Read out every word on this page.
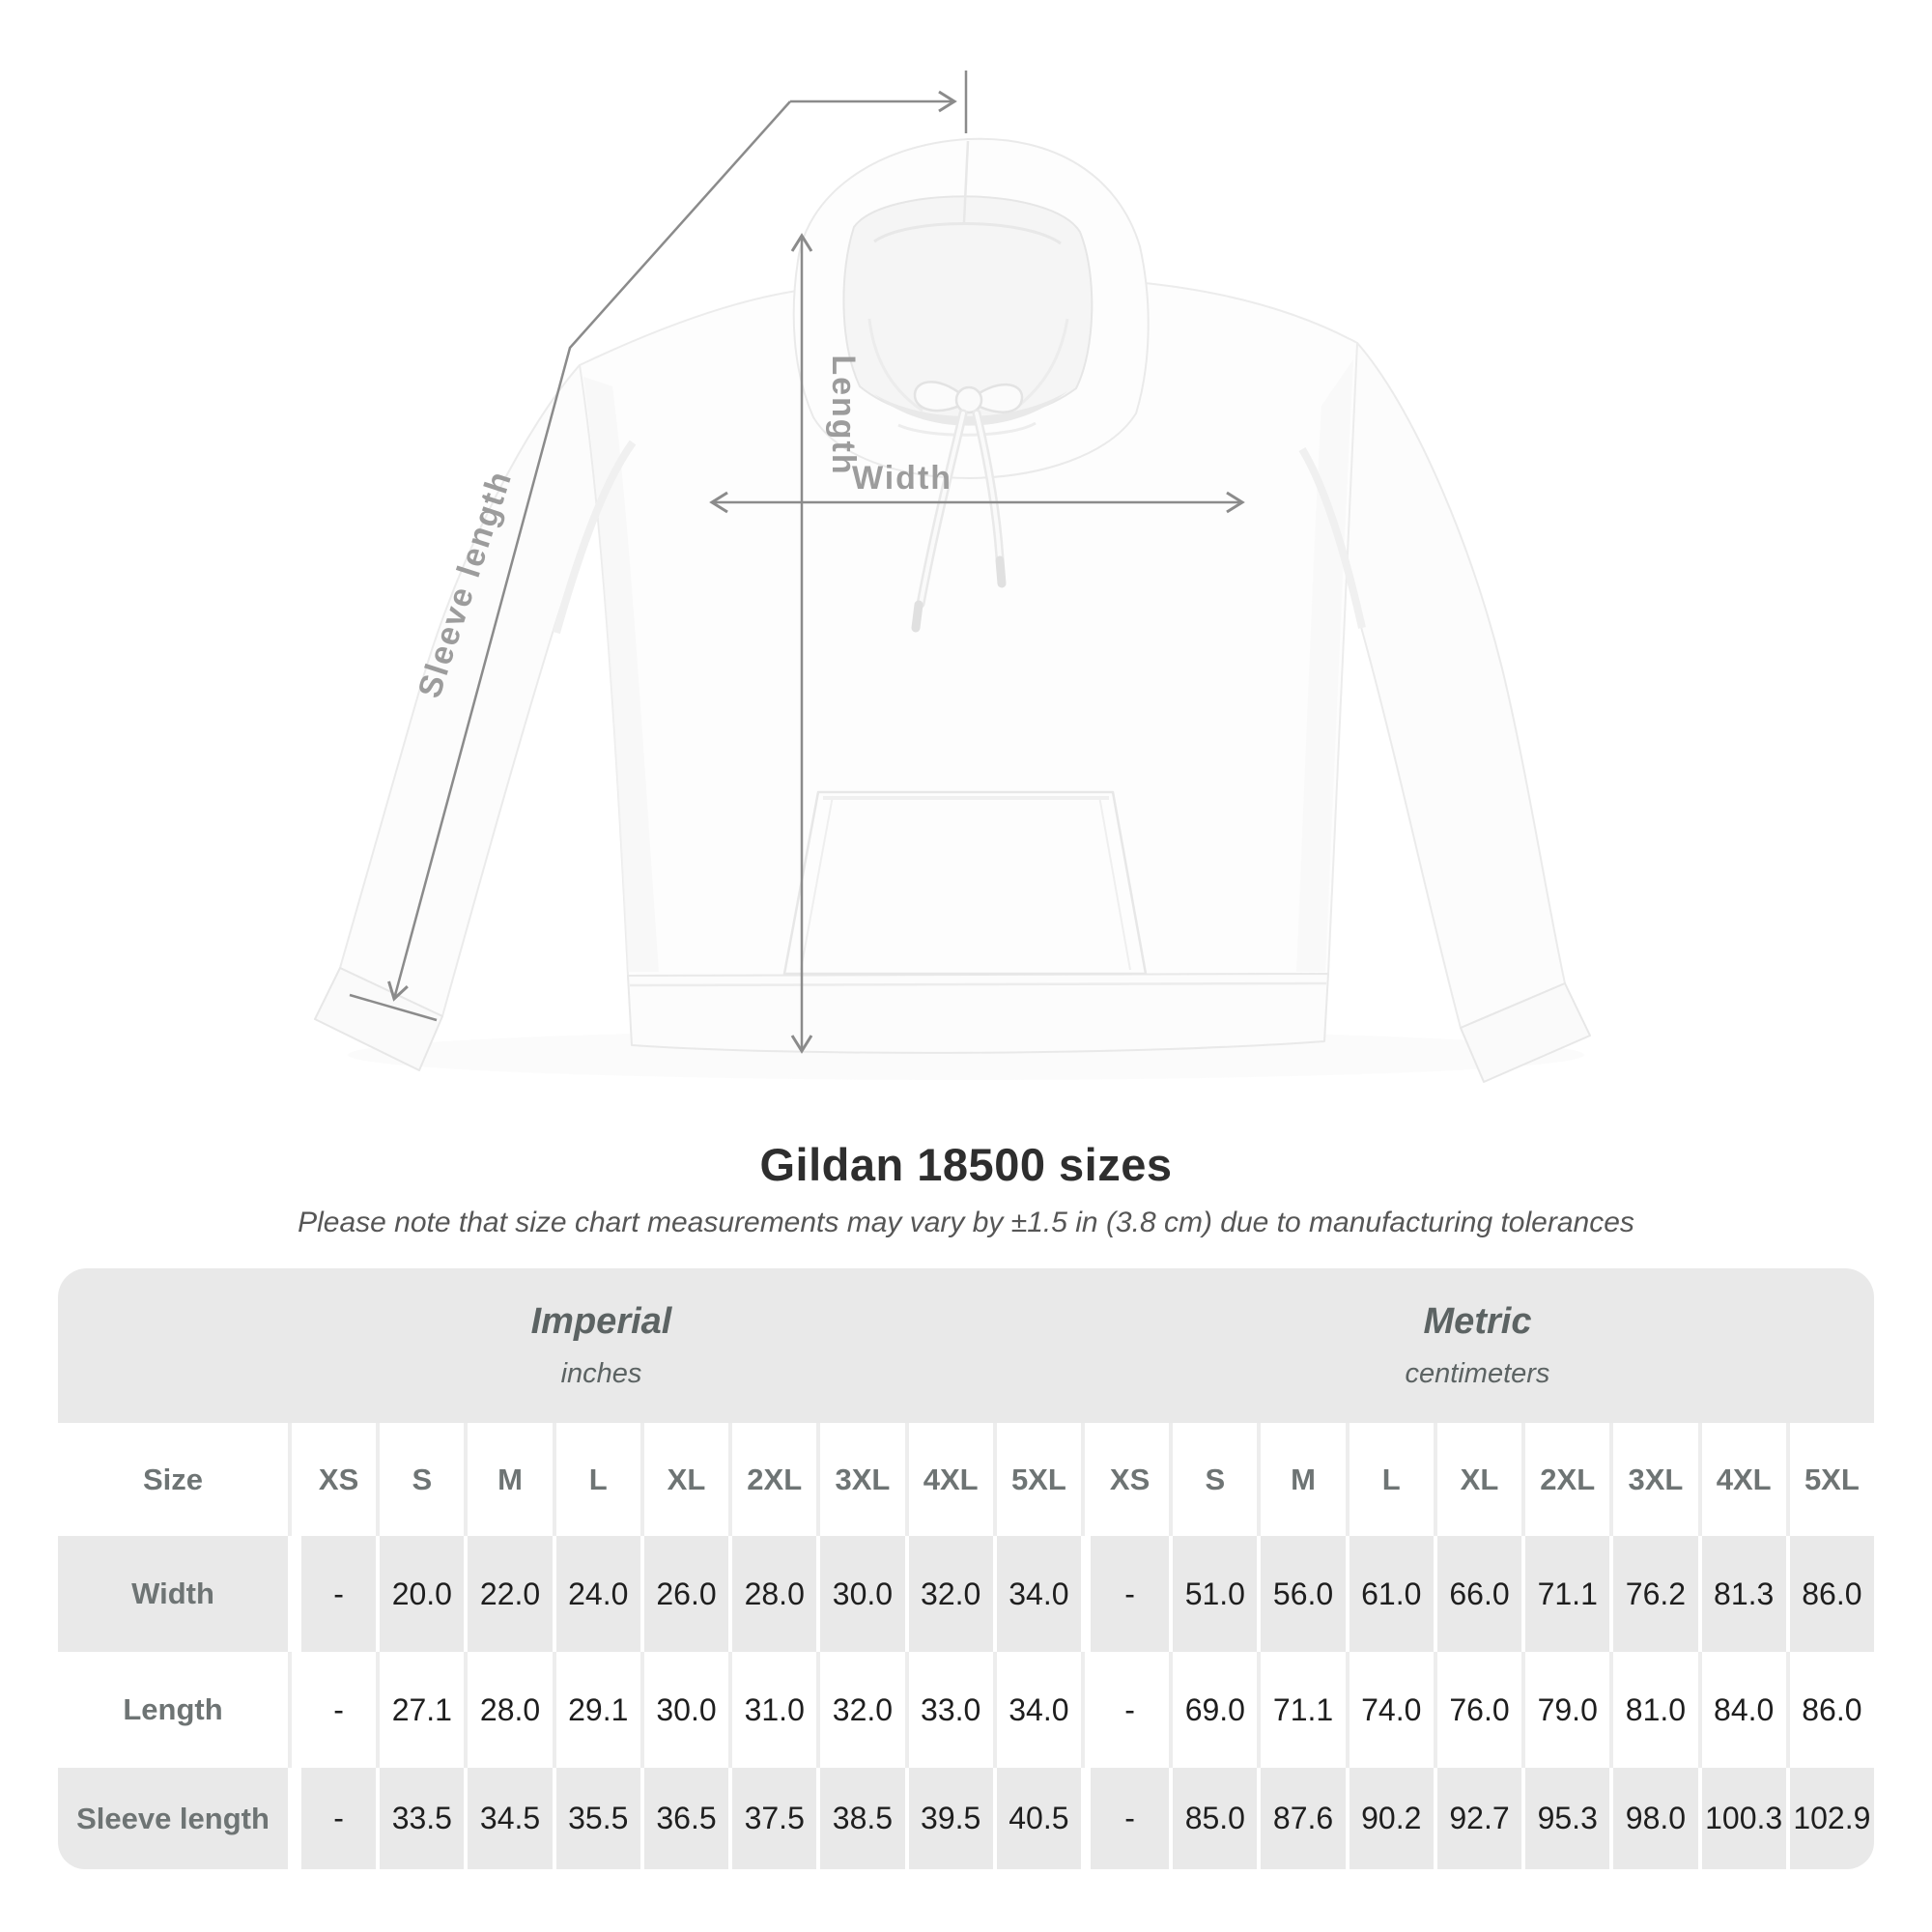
Sleeve length
Length
Width
Gildan 18500 sizes

Please note that size chart measurements may vary by ±1.5 in (3.8 cm) due to manufacturing tolerances

Imperial
inches
Metric
centimeters
Size	XS	S	M	L	XL	2XL	3XL	4XL	5XL	XS	S	M	L	XL	2XL	3XL	4XL	5XL
Width	-	20.0 22.0 24.0 26.0 28.0 30.0 32.0 34.0	-	51.0 56.0 61.0 66.0 71.1 76.2 81.3 86.0
Length	-	27.1 28.0 29.1 30.0 31.0 32.0 33.0 34.0	-	69.0 71.1 74.0 76.0 79.0 81.0 84.0 86.0
Sleeve length	-	33.5 34.5 35.5 36.5 37.5 38.5 39.5 40.5	-	85.0 87.6 90.2 92.7 95.3 98.0 100.3 102.9
